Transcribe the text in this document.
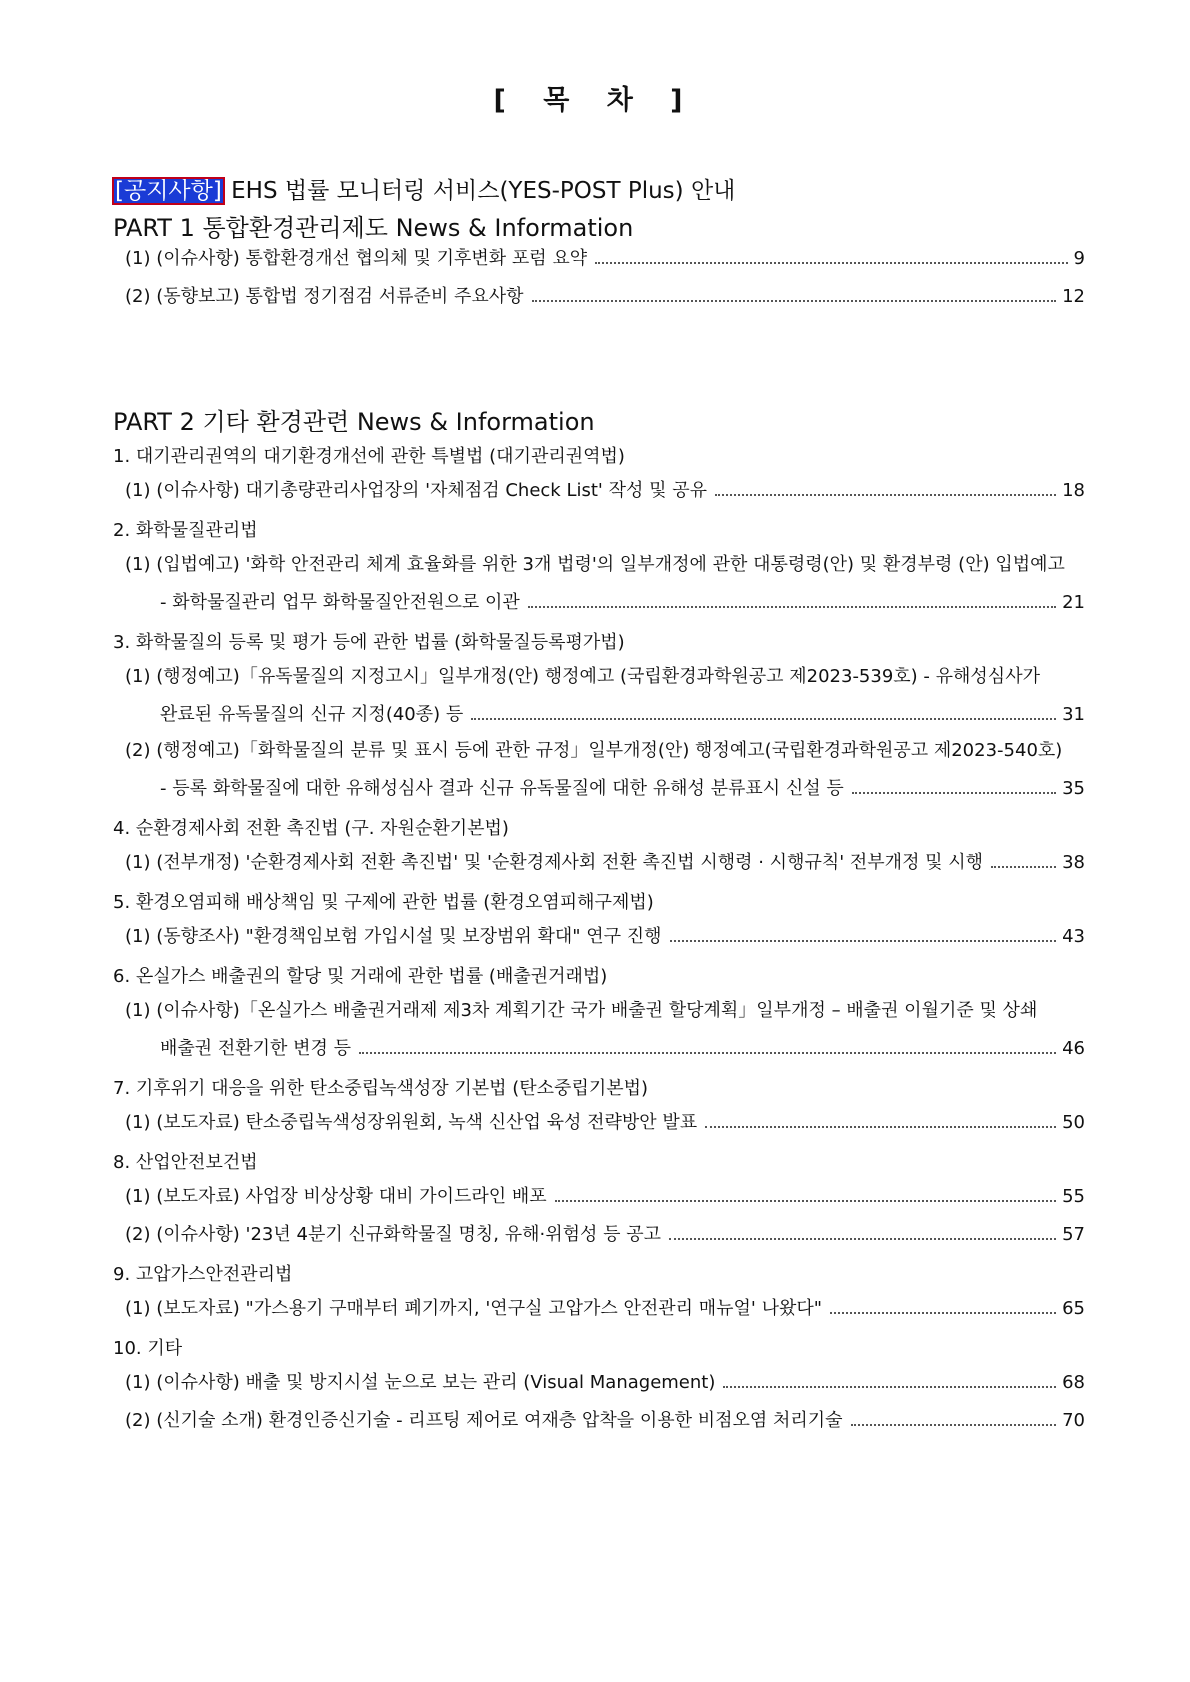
[ 목 차 ]
[공지사항] EHS 법률 모니터링 서비스(YES-POST Plus) 안내
PART 1 통합환경관리제도 News & Information
(1) (이슈사항) 통합환경개선 협의체 및 기후변화 포럼 요약	9
(2) (동향보고) 통합법 정기점검 서류준비 주요사항	12
PART 2 기타 환경관련 News & Information
1. 대기관리권역의 대기환경개선에 관한 특별법 (대기관리권역법)
(1) (이슈사항) 대기총량관리사업장의 '자체점검 Check List' 작성 및 공유	18
2. 화학물질관리법
(1) (입법예고) '화학 안전관리 체계 효율화를 위한 3개 법령'의 일부개정에 관한 대통령령(안) 및 환경부령 (안) 입법예고
- 화학물질관리 업무 화학물질안전원으로 이관	21
3. 화학물질의 등록 및 평가 등에 관한 법률 (화학물질등록평가법)
(1) (행정예고)「유독물질의 지정고시」일부개정(안) 행정예고 (국립환경과학원공고 제2023-539호) - 유해성심사가
완료된 유독물질의 신규 지정(40종) 등	31
(2) (행정예고)「화학물질의 분류 및 표시 등에 관한 규정」일부개정(안) 행정예고(국립환경과학원공고 제2023-540호)
- 등록 화학물질에 대한 유해성심사 결과 신규 유독물질에 대한 유해성 분류표시 신설 등	35
4. 순환경제사회 전환 촉진법 (구. 자원순환기본법)
(1) (전부개정) '순환경제사회 전환 촉진법' 및 '순환경제사회 전환 촉진법 시행령 · 시행규칙' 전부개정 및 시행	38
5. 환경오염피해 배상책임 및 구제에 관한 법률 (환경오염피해구제법)
(1) (동향조사) "환경책임보험 가입시설 및 보장범위 확대" 연구 진행	43
6. 온실가스 배출권의 할당 및 거래에 관한 법률 (배출권거래법)
(1) (이슈사항)「온실가스 배출권거래제 제3차 계획기간 국가 배출권 할당계획」일부개정 – 배출권 이월기준 및 상쇄
배출권 전환기한 변경 등	46
7. 기후위기 대응을 위한 탄소중립녹색성장 기본법 (탄소중립기본법)
(1) (보도자료) 탄소중립녹색성장위원회, 녹색 신산업 육성 전략방안 발표	50
8. 산업안전보건법
(1) (보도자료) 사업장 비상상황 대비 가이드라인 배포	55
(2) (이슈사항) '23년 4분기 신규화학물질 명칭, 유해·위험성 등 공고	57
9. 고압가스안전관리법
(1) (보도자료) "가스용기 구매부터 폐기까지, '연구실 고압가스 안전관리 매뉴얼' 나왔다"	65
10. 기타
(1) (이슈사항) 배출 및 방지시설 눈으로 보는 관리 (Visual Management)	68
(2) (신기술 소개) 환경인증신기술 - 리프팅 제어로 여재층 압착을 이용한 비점오염 처리기술	70
